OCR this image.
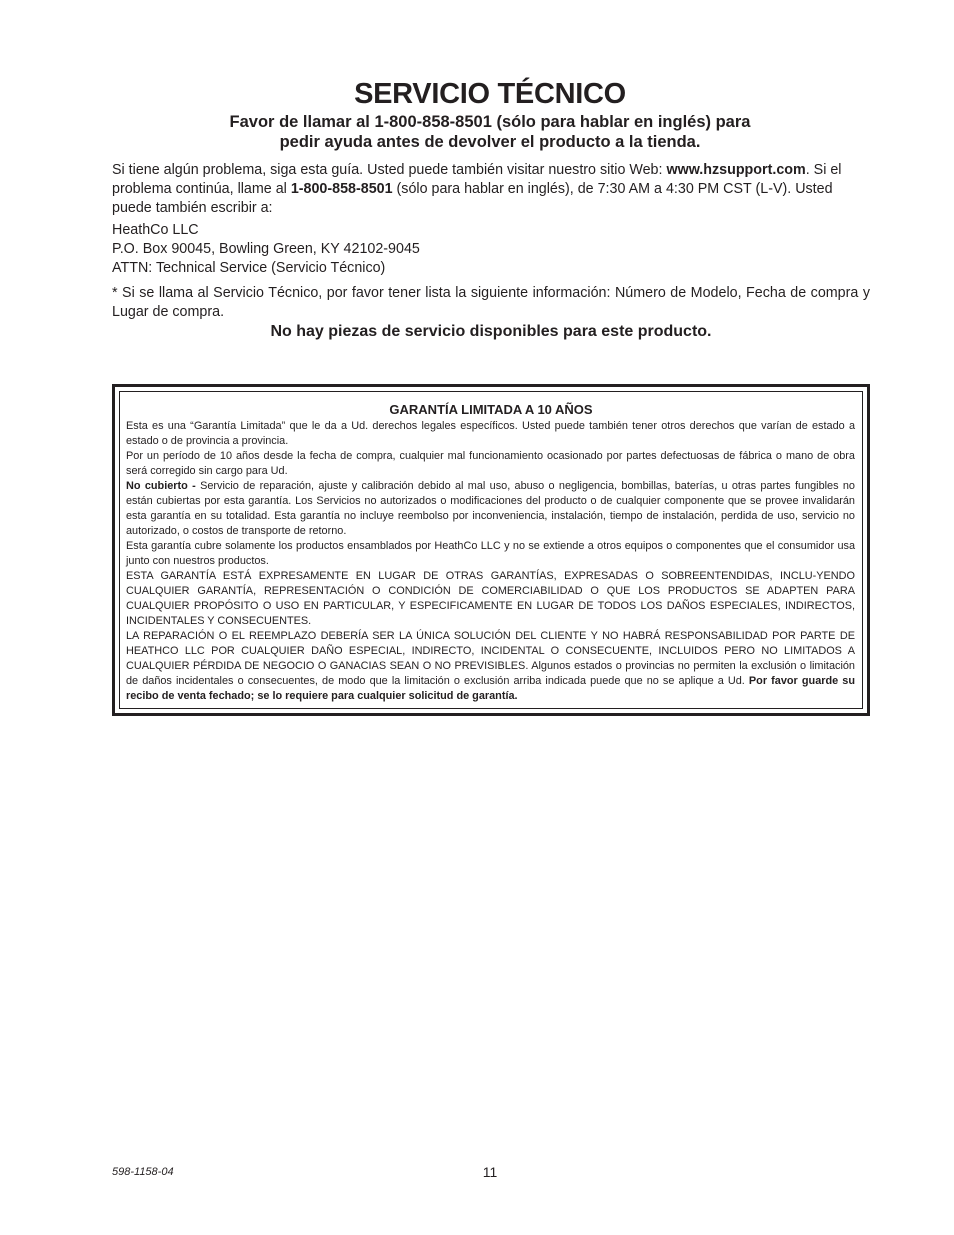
SERVICIO TÉCNICO
Favor de llamar al 1-800-858-8501 (sólo para hablar en inglés) para
pedir ayuda antes de devolver el producto a la tienda.
Si tiene algún problema, siga esta guía. Usted puede también visitar nuestro sitio Web: www.hzsupport.com. Si el problema continúa, llame al 1-800-858-8501 (sólo para hablar en inglés), de 7:30 AM a 4:30 PM CST (L-V). Usted puede también escribir a:
HeathCo LLC
P.O. Box 90045, Bowling Green, KY 42102-9045
ATTN: Technical Service (Servicio Técnico)
* Si se llama al Servicio Técnico, por favor tener lista la siguiente información: Número de Modelo, Fecha de compra y Lugar de compra.
No hay piezas de servicio disponibles para este producto.
GARANTÍA LIMITADA A 10 AÑOS

Esta es una “Garantía Limitada” que le da a Ud. derechos legales específicos. Usted puede también tener otros derechos que varían de estado a estado o de provincia a provincia.

Por un período de 10 años desde la fecha de compra, cualquier mal funcionamiento ocasionado por partes defectuosas de fábrica o mano de obra será corregido sin cargo para Ud.

No cubierto - Servicio de reparación, ajuste y calibración debido al mal uso, abuso o negligencia, bombillas, baterías, u otras partes fungibles no están cubiertas por esta garantía. Los Servicios no autorizados o modificaciones del producto o de cualquier componente que se provee invalidarán esta garantía en su totalidad. Esta garantía no incluye reembolso por inconveniencia, instalación, tiempo de instalación, perdida de uso, servicio no autorizado, o costos de transporte de retorno.

Esta garantía cubre solamente los productos ensamblados por HeathCo LLC y no se extiende a otros equipos o componentes que el consumidor usa junto con nuestros productos.

ESTA GARANTÍA ESTÁ EXPRESAMENTE EN LUGAR DE OTRAS GARANTÍAS, EXPRESADAS O SOBREENTENDIDAS, INCLU-YENDO CUALQUIER GARANTÍA, REPRESENTACIÓN O CONDICIÓN DE COMERCIABILIDAD O QUE LOS PRODUCTOS SE ADAPTEN PARA CUALQUIER PROPÓSITO O USO EN PARTICULAR, Y ESPECIFICAMENTE EN LUGAR DE TODOS LOS DAÑOS ESPECIALES, INDIRECTOS, INCIDENTALES Y CONSECUENTES.

LA REPARACIÓN O EL REEMPLAZO DEBERÍA SER LA ÚNICA SOLUCIÓN DEL CLIENTE Y NO HABRÁ RESPONSABILIDAD POR PARTE DE HEATHCO LLC POR CUALQUIER DAÑO ESPECIAL, INDIRECTO, INCIDENTAL O CONSECUENTE, INCLUIDOS PERO NO LIMITADOS A CUALQUIER PÉRDIDA DE NEGOCIO O GANACIAS SEAN O NO PREVISIBLES. Algunos estados o provincias no permiten la exclusión o limitación de daños incidentales o consecuentes, de modo que la limitación o exclusión arriba indicada puede que no se aplique a Ud. Por favor guarde su recibo de venta fechado; se lo requiere para cualquier solicitud de garantía.

598-1158-04	11
